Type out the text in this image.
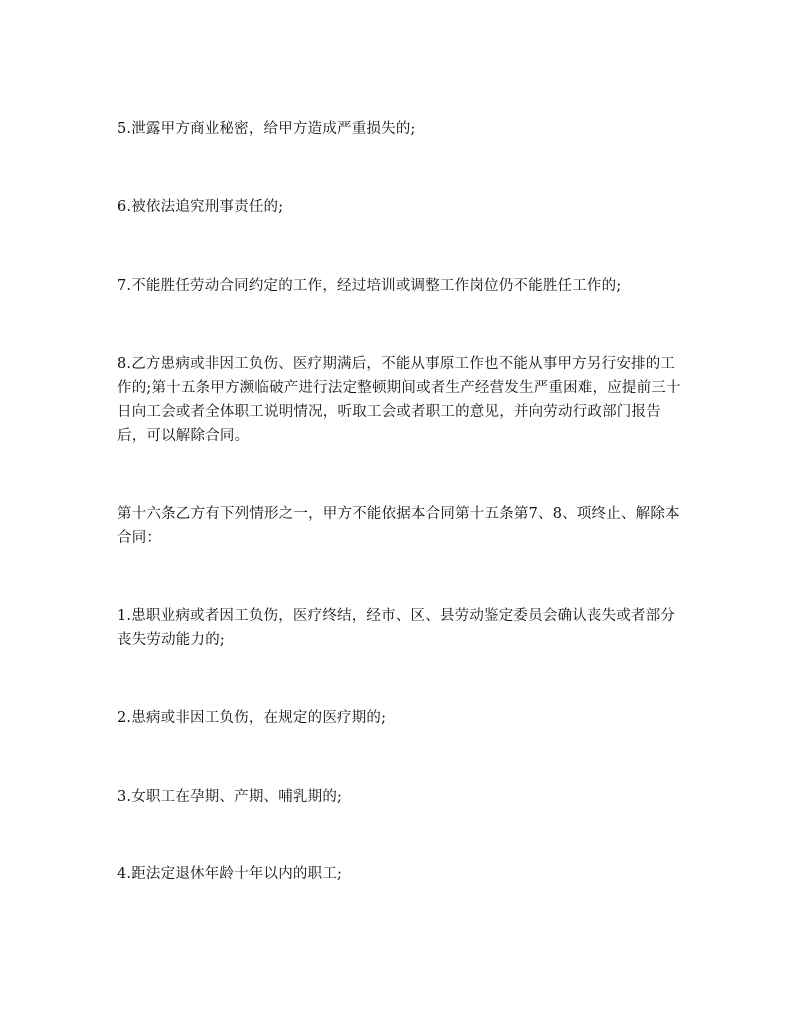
5.泄露甲方商业秘密，给甲方造成严重损失的;

6.被依法追究刑事责任的;

7.不能胜任劳动合同约定的工作，经过培训或调整工作岗位仍不能胜任工作的;

8.乙方患病或非因工负伤、医疗期满后，不能从事原工作也不能从事甲方另行安排的工作的;第十五条甲方濒临破产进行法定整顿期间或者生产经营发生严重困难，应提前三十日向工会或者全体职工说明情况，听取工会或者职工的意见，并向劳动行政部门报告后，可以解除合同。

第十六条乙方有下列情形之一，甲方不能依据本合同第十五条第7、8、项终止、解除本合同：

1.患职业病或者因工负伤，医疗终结，经市、区、县劳动鉴定委员会确认丧失或者部分丧失劳动能力的;

2.患病或非因工负伤，在规定的医疗期的;

3.女职工在孕期、产期、哺乳期的;

4.距法定退休年龄十年以内的职工;
